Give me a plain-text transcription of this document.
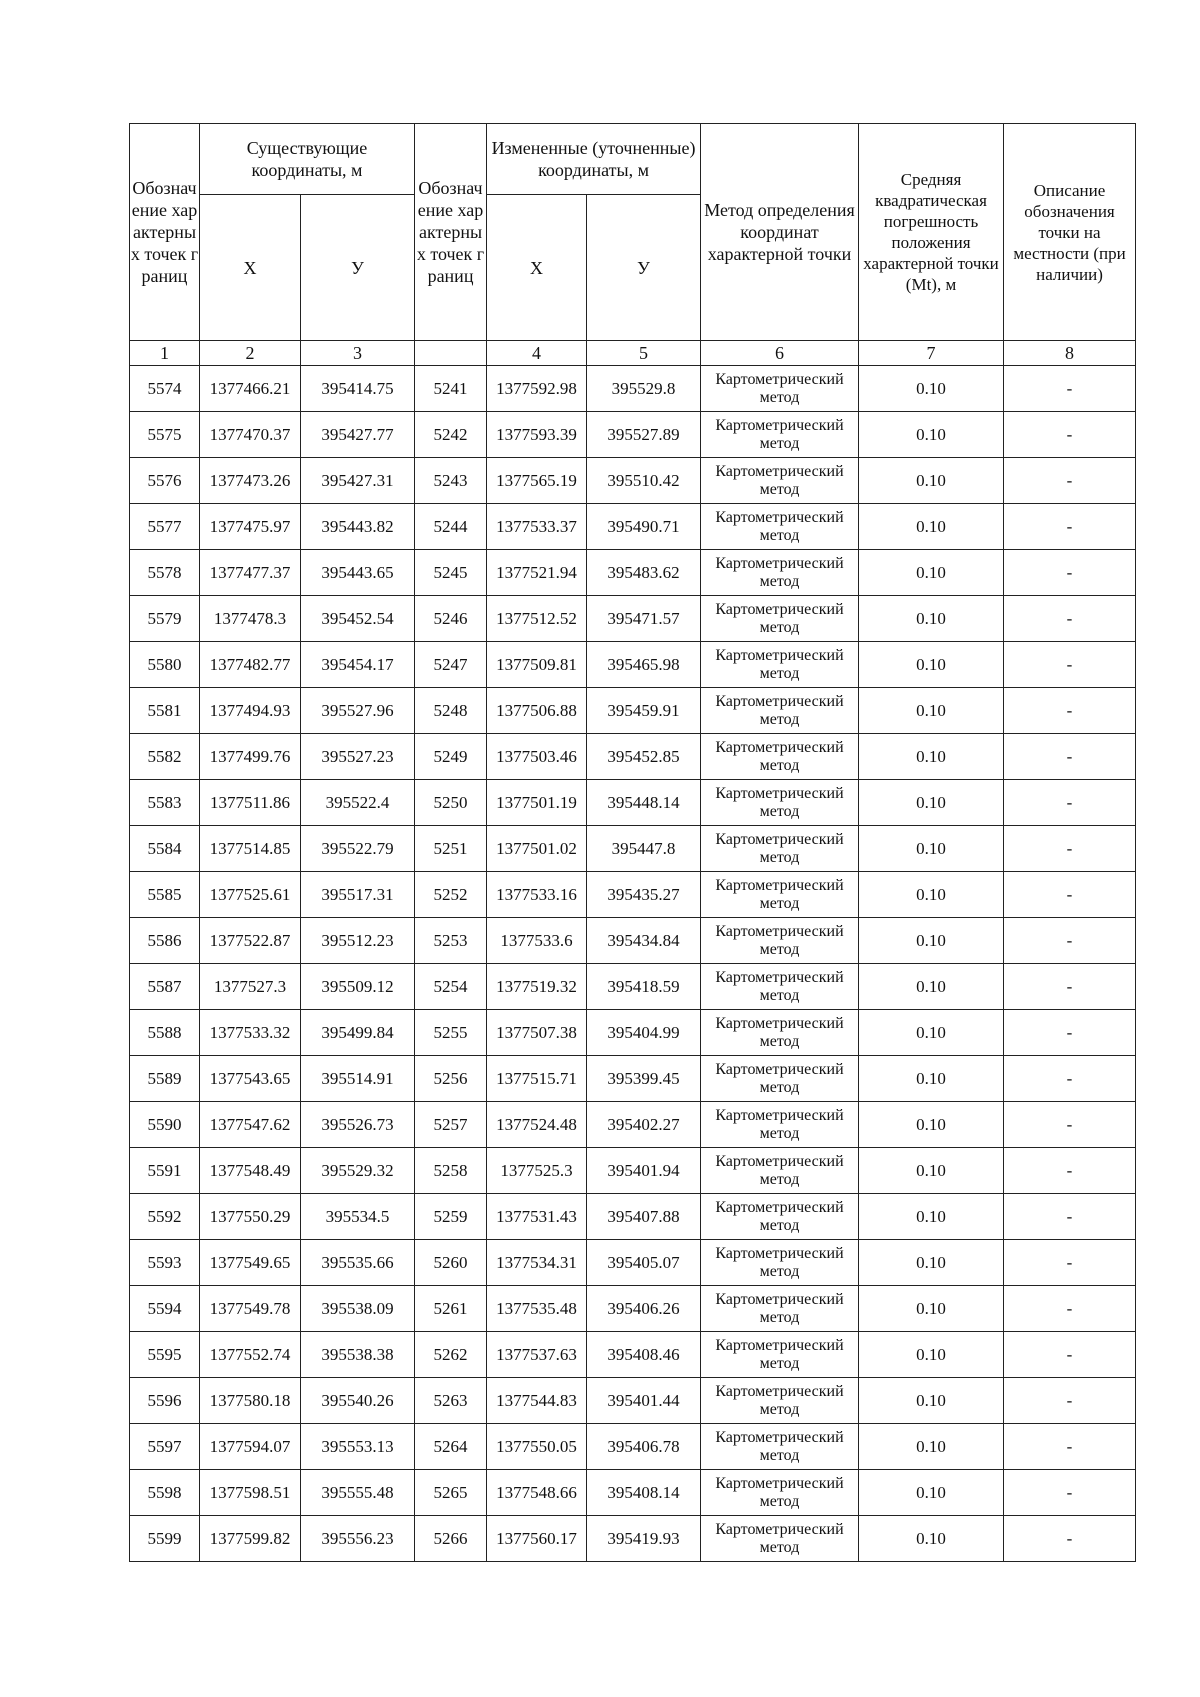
Обозначение характерных точек границ	Существующие координаты, м		Обозначение характерных точек границ	Измененные (уточненные) координаты, м		Метод определения координат характерной точки	Средняя квадратическая погрешность положения характерной точки (Мt), м	Описание обозначения точки на местности (при наличии)
	Х	У		Х	У			
1	2	3		4	5	6	7	8
5574	1377466.21	395414.75	5241	1377592.98	395529.8	Картометрический метод	0.10	-
5575	1377470.37	395427.77	5242	1377593.39	395527.89	Картометрический метод	0.10	-
5576	1377473.26	395427.31	5243	1377565.19	395510.42	Картометрический метод	0.10	-
5577	1377475.97	395443.82	5244	1377533.37	395490.71	Картометрический метод	0.10	-
5578	1377477.37	395443.65	5245	1377521.94	395483.62	Картометрический метод	0.10	-
5579	1377478.3	395452.54	5246	1377512.52	395471.57	Картометрический метод	0.10	-
5580	1377482.77	395454.17	5247	1377509.81	395465.98	Картометрический метод	0.10	-
5581	1377494.93	395527.96	5248	1377506.88	395459.91	Картометрический метод	0.10	-
5582	1377499.76	395527.23	5249	1377503.46	395452.85	Картометрический метод	0.10	-
5583	1377511.86	395522.4	5250	1377501.19	395448.14	Картометрический метод	0.10	-
5584	1377514.85	395522.79	5251	1377501.02	395447.8	Картометрический метод	0.10	-
5585	1377525.61	395517.31	5252	1377533.16	395435.27	Картометрический метод	0.10	-
5586	1377522.87	395512.23	5253	1377533.6	395434.84	Картометрический метод	0.10	-
5587	1377527.3	395509.12	5254	1377519.32	395418.59	Картометрический метод	0.10	-
5588	1377533.32	395499.84	5255	1377507.38	395404.99	Картометрический метод	0.10	-
5589	1377543.65	395514.91	5256	1377515.71	395399.45	Картометрический метод	0.10	-
5590	1377547.62	395526.73	5257	1377524.48	395402.27	Картометрический метод	0.10	-
5591	1377548.49	395529.32	5258	1377525.3	395401.94	Картометрический метод	0.10	-
5592	1377550.29	395534.5	5259	1377531.43	395407.88	Картометрический метод	0.10	-
5593	1377549.65	395535.66	5260	1377534.31	395405.07	Картометрический метод	0.10	-
5594	1377549.78	395538.09	5261	1377535.48	395406.26	Картометрический метод	0.10	-
5595	1377552.74	395538.38	5262	1377537.63	395408.46	Картометрический метод	0.10	-
5596	1377580.18	395540.26	5263	1377544.83	395401.44	Картометрический метод	0.10	-
5597	1377594.07	395553.13	5264	1377550.05	395406.78	Картометрический метод	0.10	-
5598	1377598.51	395555.48	5265	1377548.66	395408.14	Картометрический метод	0.10	-
5599	1377599.82	395556.23	5266	1377560.17	395419.93	Картометрический метод	0.10	-
